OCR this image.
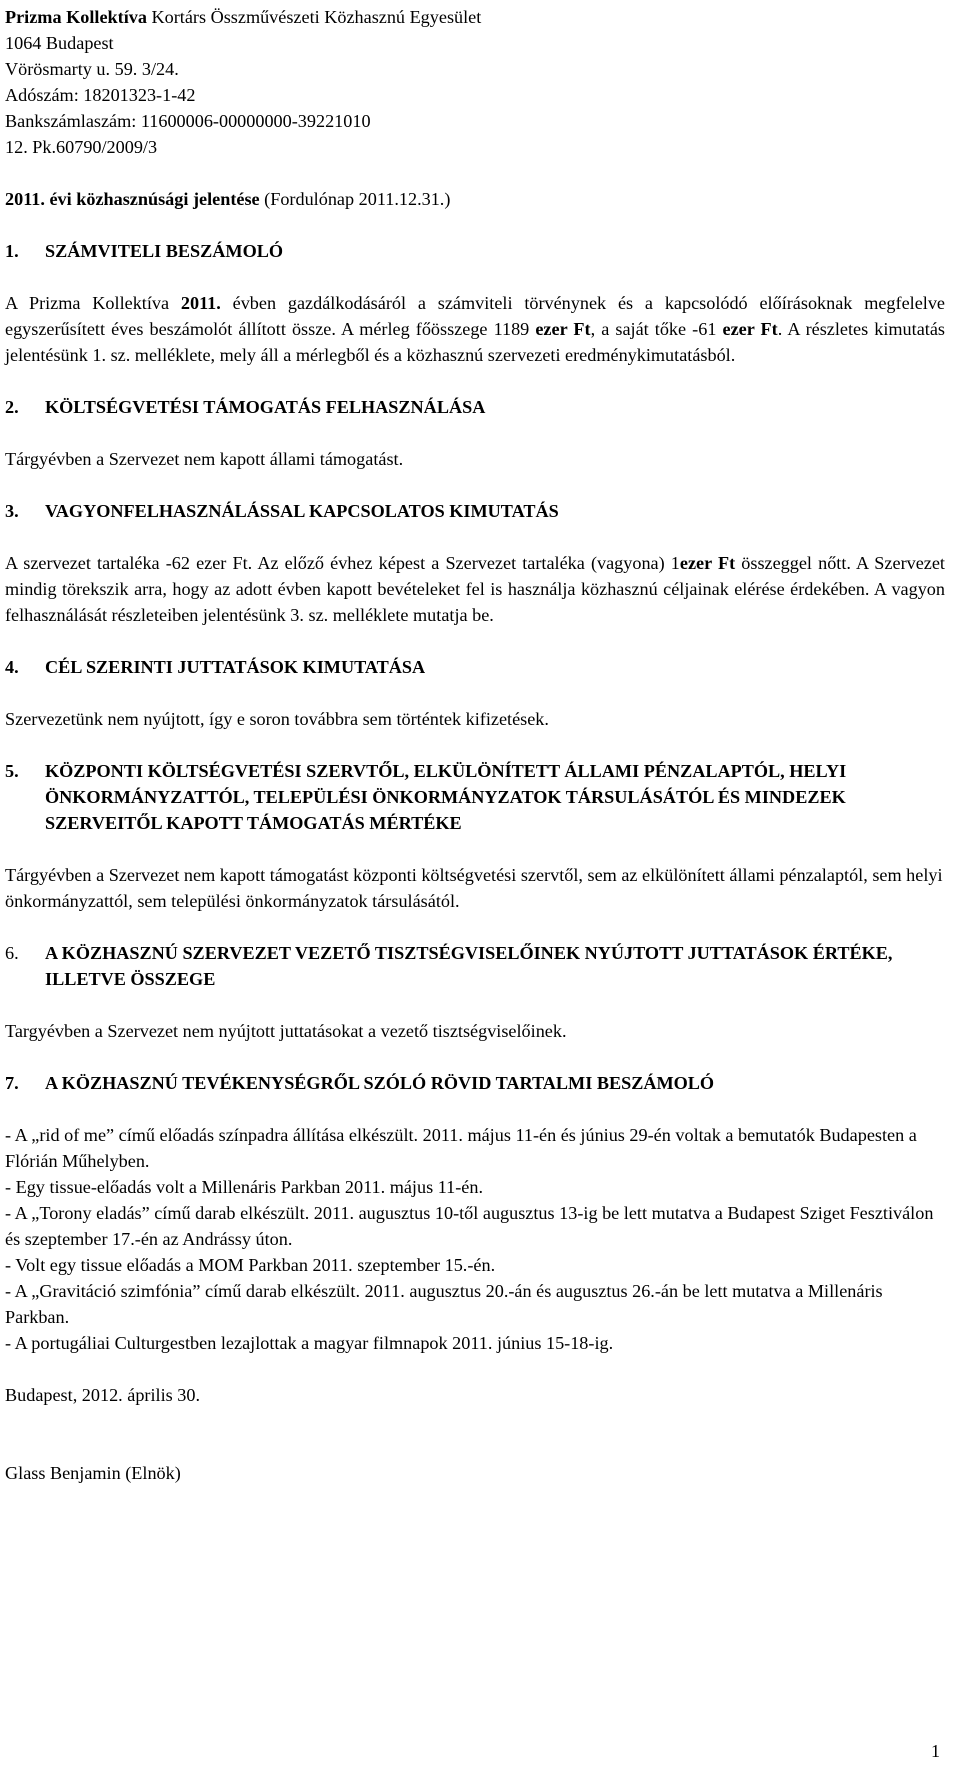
Prizma Kollektíva Kortárs Összművészeti Közhasznú Egyesület

1064 Budapest

Vörösmarty u. 59. 3/24.

Adószám: 18201323-1-42

Bankszámlaszám: 11600006-00000000-39221010

12. Pk.60790/2009/3

2011. évi közhasznúsági jelentése (Fordulónap 2011.12.31.)

1.	SZÁMVITELI BESZÁMOLÓ

A Prizma Kollektíva 2011. évben gazdálkodásáról a számviteli törvénynek és a kapcsolódó előírásoknak megfelelve egyszerűsített éves beszámolót állított össze. A mérleg főösszege 1189 ezer Ft, a saját tőke -61 ezer Ft. A részletes kimutatás jelentésünk 1. sz. melléklete, mely áll a mérlegből és a közhasznú szervezeti eredménykimutatásból.

2.	KÖLTSÉGVETÉSI TÁMOGATÁS FELHASZNÁLÁSA

Tárgyévben a Szervezet nem kapott állami támogatást.

3.	VAGYONFELHASZNÁLÁSSAL KAPCSOLATOS KIMUTATÁS

A szervezet tartaléka -62 ezer Ft. Az előző évhez képest a Szervezet tartaléka (vagyona) 1ezer Ft összeggel nőtt. A Szervezet mindig törekszik arra, hogy az adott évben kapott bevételeket fel is használja közhasznú céljainak elérése érdekében. A vagyon felhasználását részleteiben jelentésünk 3. sz. melléklete mutatja be.

4.	CÉL SZERINTI JUTTATÁSOK KIMUTATÁSA

Szervezetünk nem nyújtott, így e soron továbbra sem történtek kifizetések.

5.	KÖZPONTI KÖLTSÉGVETÉSI SZERVTŐL, ELKÜLÖNÍTETT ÁLLAMI PÉNZALAPTÓL, HELYI ÖNKORMÁNYZATTÓL, TELEPÜLÉSI ÖNKORMÁNYZATOK TÁRSULÁSÁTÓL ÉS MINDEZEK SZERVEITŐL KAPOTT TÁMOGATÁS MÉRTÉKE

Tárgyévben a Szervezet nem kapott támogatást központi költségvetési szervtől, sem az elkülönített állami pénzalaptól, sem helyi önkormányzattól, sem települési önkormányzatok társulásától.

6.	A KÖZHASZNÚ SZERVEZET VEZETŐ TISZTSÉGVISELŐINEK NYÚJTOTT JUTTATÁSOK ÉRTÉKE, ILLETVE ÖSSZEGE

Targyévben a Szervezet nem nyújtott juttatásokat a vezető tisztségviselőinek.

7.	A KÖZHASZNÚ TEVÉKENYSÉGRŐL SZÓLÓ RÖVID TARTALMI BESZÁMOLÓ

- A „rid of me” című előadás színpadra állítása elkészült. 2011. május 11-én és június 29-én voltak a bemutatók Budapesten a Flórián Műhelyben.

- Egy tissue-előadás volt a Millenáris Parkban 2011. május 11-én.

- A „Torony eladás” című darab elkészült. 2011. augusztus 10-től augusztus 13-ig be lett mutatva a Budapest Sziget Fesztiválon és szeptember 17.-én az Andrássy úton.

- Volt egy tissue előadás a MOM Parkban 2011. szeptember 15.-én.

- A „Gravitáció szimfónia” című darab elkészült. 2011. augusztus 20.-án és augusztus 26.-án be lett mutatva a Millenáris Parkban.

- A portugáliai Culturgestben lezajlottak a magyar filmnapok 2011. június 15-18-ig.

Budapest, 2012. április 30.

Glass Benjamin (Elnök)

1
